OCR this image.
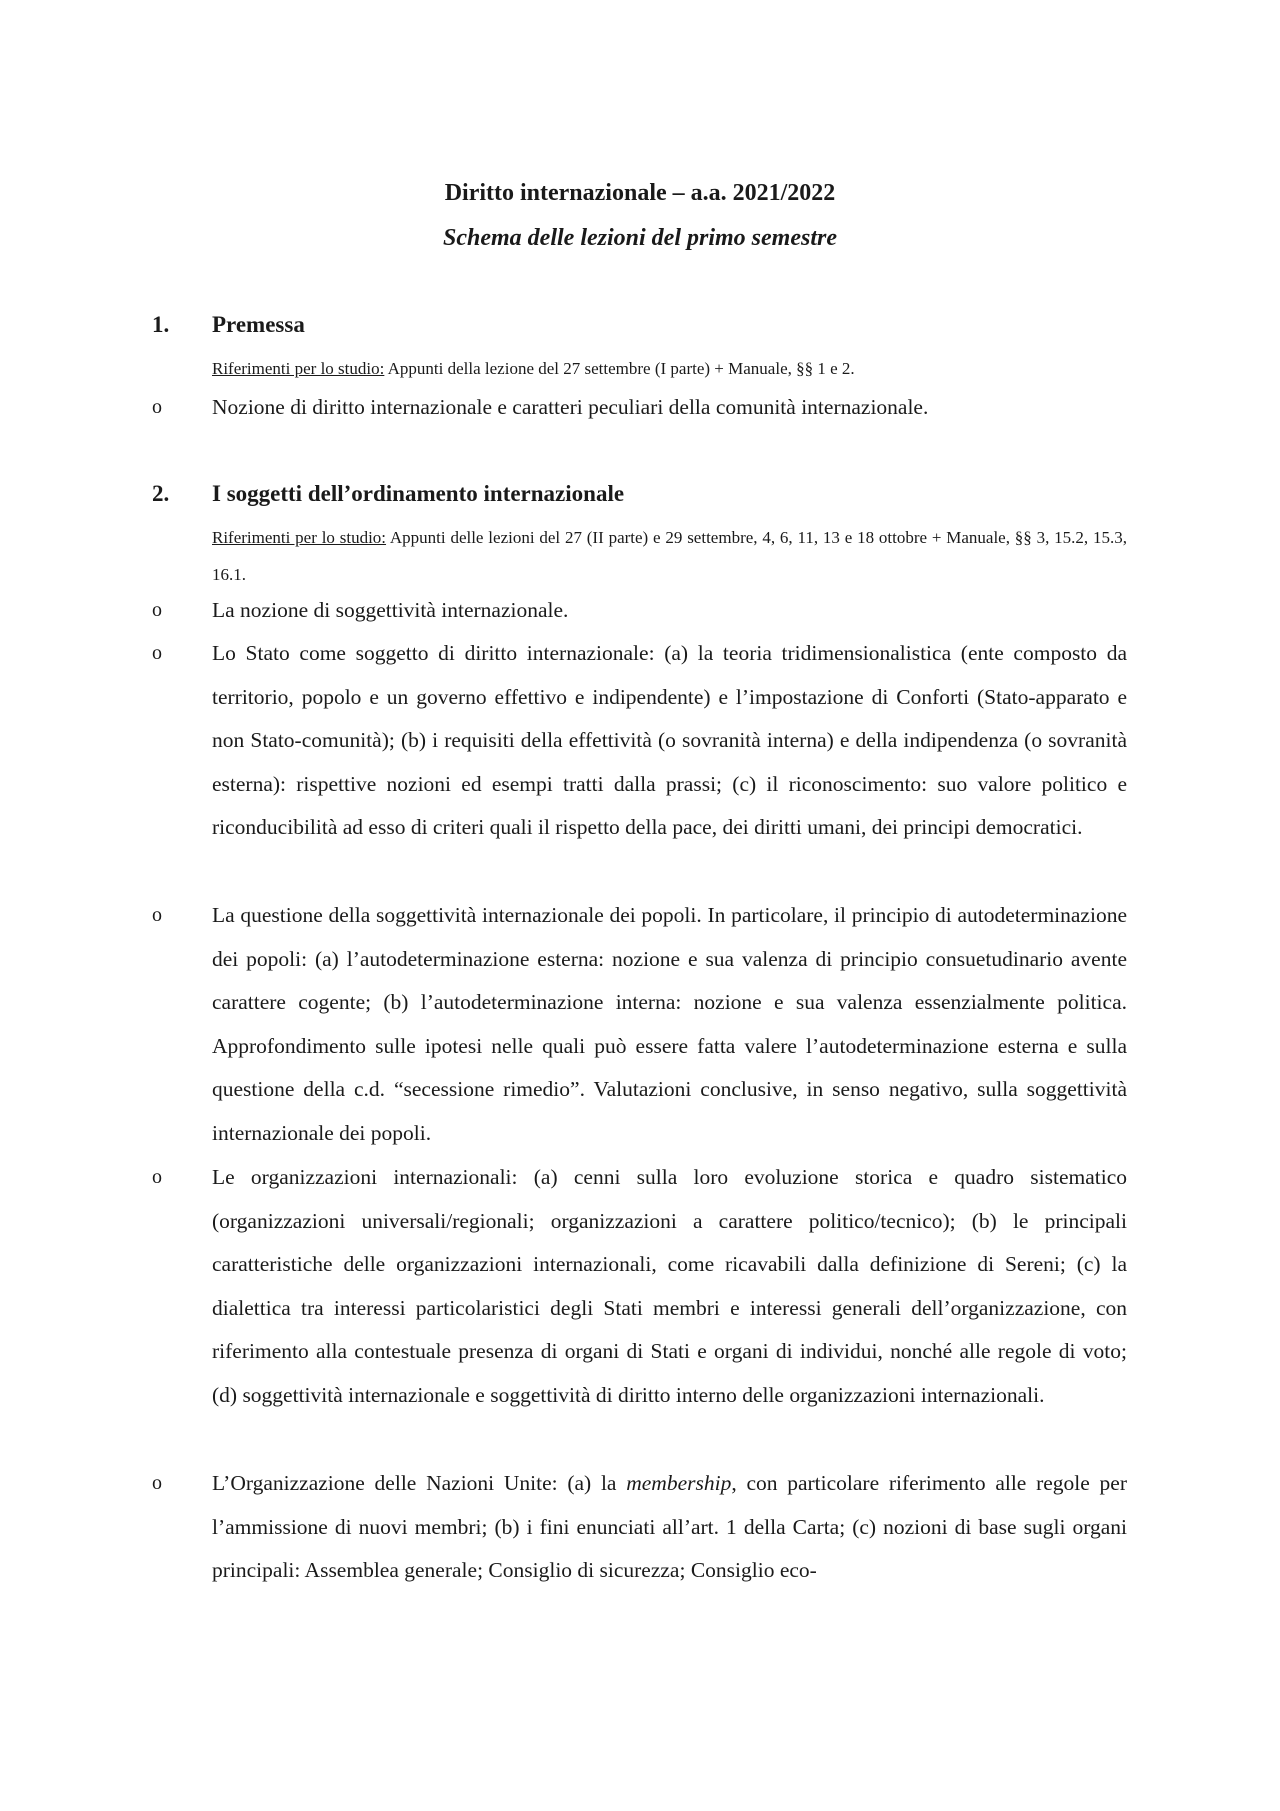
Diritto internazionale – a.a. 2021/2022
Schema delle lezioni del primo semestre
1. Premessa
Riferimenti per lo studio: Appunti della lezione del 27 settembre (I parte) + Manuale, §§ 1 e 2.
o Nozione di diritto internazionale e caratteri peculiari della comunità internazionale.
2. I soggetti dell’ordinamento internazionale
Riferimenti per lo studio: Appunti delle lezioni del 27 (II parte) e 29 settembre, 4, 6, 11, 13 e 18 ottobre + Manuale, §§ 3, 15.2, 15.3, 16.1.
o La nozione di soggettività internazionale.
o Lo Stato come soggetto di diritto internazionale: (a) la teoria tridimensionalistica (ente composto da territorio, popolo e un governo effettivo e indipendente) e l’impostazione di Conforti (Stato-apparato e non Stato-comunità); (b) i requisiti della effettività (o sovranità interna) e della indipendenza (o sovranità esterna): rispettive nozioni ed esempi tratti dalla prassi; (c) il riconoscimento: suo valore politico e riconducibilità ad esso di criteri quali il rispetto della pace, dei diritti umani, dei principi democratici.
o La questione della soggettività internazionale dei popoli. In particolare, il principio di autodeterminazione dei popoli: (a) l’autodeterminazione esterna: nozione e sua valenza di principio consuetudinario avente carattere cogente; (b) l’autodeterminazione interna: nozione e sua valenza essenzialmente politica. Approfondimento sulle ipotesi nelle quali può essere fatta valere l’autodeterminazione esterna e sulla questione della c.d. “secessione rimedio”. Valutazioni conclusive, in senso negativo, sulla soggettività internazionale dei popoli.
o Le organizzazioni internazionali: (a) cenni sulla loro evoluzione storica e quadro sistematico (organizzazioni universali/regionali; organizzazioni a carattere politico/tecnico); (b) le principali caratteristiche delle organizzazioni internazionali, come ricavabili dalla definizione di Sereni; (c) la dialettica tra interessi particolaristici degli Stati membri e interessi generali dell’organizzazione, con riferimento alla contestuale presenza di organi di Stati e organi di individui, nonché alle regole di voto; (d) soggettività internazionale e soggettività di diritto interno delle organizzazioni internazionali.
o L’Organizzazione delle Nazioni Unite: (a) la membership, con particolare riferimento alle regole per l’ammissione di nuovi membri; (b) i fini enunciati all’art. 1 della Carta; (c) nozioni di base sugli organi principali: Assemblea generale; Consiglio di sicurezza; Consiglio eco-
